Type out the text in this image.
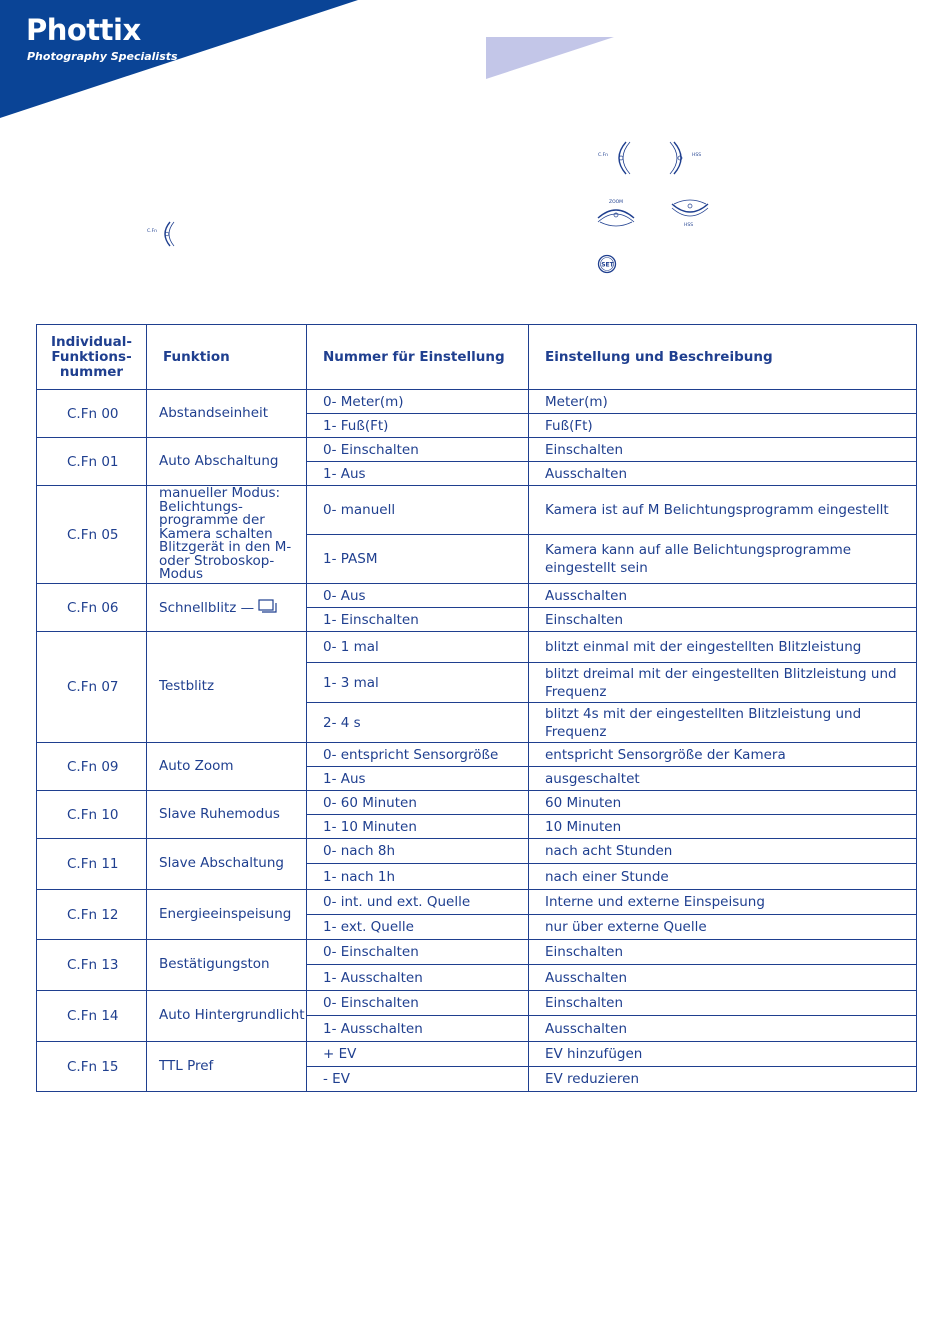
Phottix
Photography Specialists
C.Fn
C.Fn	HSS
ZOOM
HSS
SET
Individual-
Funktions-
nummer	Funktion	Nummer für Einstellung	Einstellung und Beschreibung
C.Fn 00	Abstandseinheit	0- Meter(m)	Meter(m)
		1- Fuß(Ft)	Fuß(Ft)
C.Fn 01	Auto Abschaltung	0- Einschalten	Einschalten
		1- Aus	Ausschalten
C.Fn 05	manueller Modus: Belichtungs-programme der Kamera schalten Blitzgerät in den M- oder Stroboskop-Modus	0- manuell	Kamera ist auf M Belichtungsprogramm eingestellt
		1- PASM	Kamera kann auf alle Belichtungsprogramme eingestellt sein
C.Fn 06	Schnellblitz —	0- Aus	Ausschalten
		1- Einschalten	Einschalten
C.Fn 07	Testblitz	0- 1 mal	blitzt einmal mit der eingestellten Blitzleistung
		1- 3 mal	blitzt dreimal mit der eingestellten Blitzleistung und Frequenz
		2- 4 s	blitzt 4s mit der eingestellten Blitzleistung und Frequenz
C.Fn 09	Auto Zoom	0- entspricht Sensorgröße	entspricht Sensorgröße der Kamera
		1- Aus	ausgeschaltet
C.Fn 10	Slave Ruhemodus	0- 60 Minuten	60 Minuten
		1- 10 Minuten	10 Minuten
C.Fn 11	Slave Abschaltung	0- nach 8h	nach acht Stunden
		1- nach 1h	nach einer Stunde
C.Fn 12	Energieeinspeisung	0- int. und ext. Quelle	Interne und externe Einspeisung
		1- ext. Quelle	nur über externe Quelle
C.Fn 13	Bestätigungston	0- Einschalten	Einschalten
		1- Ausschalten	Ausschalten
C.Fn 14	Auto Hintergrundlicht	0- Einschalten	Einschalten
		1- Ausschalten	Ausschalten
C.Fn 15	TTL Pref	+ EV	EV hinzufügen
		- EV	EV reduzieren
